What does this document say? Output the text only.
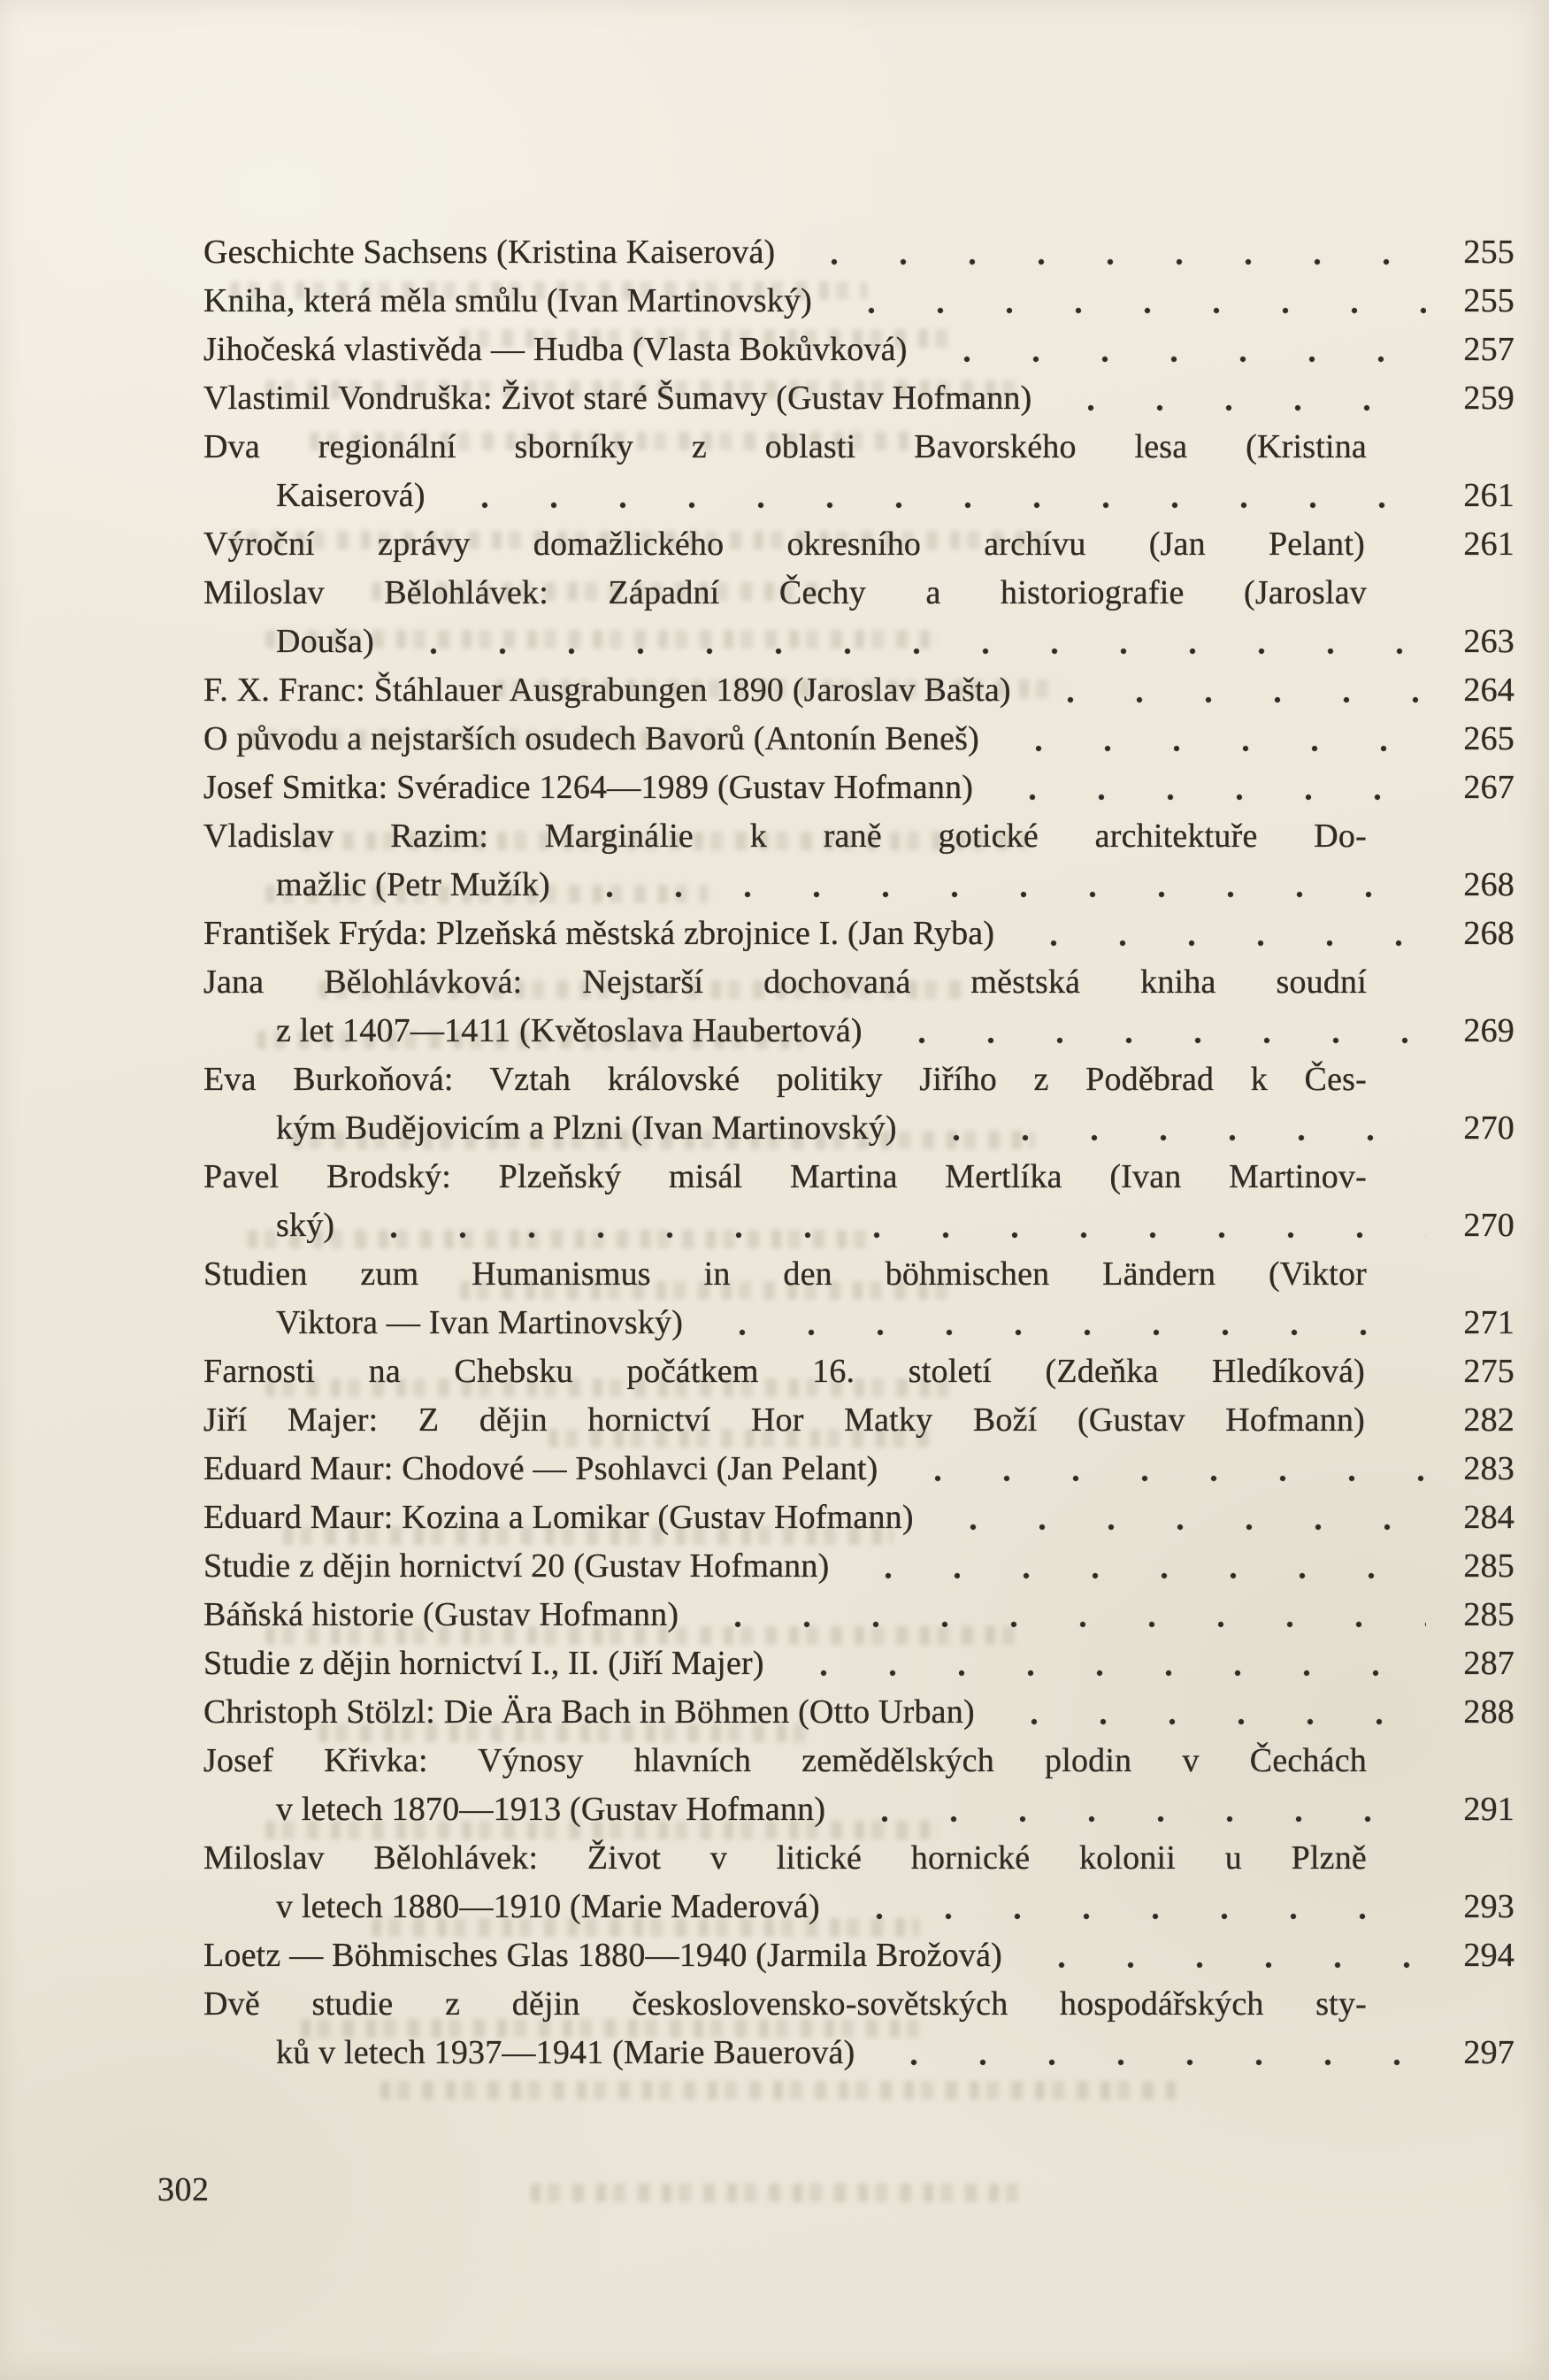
Geschichte Sachsens (Kristina Kaiserová)	255
Kniha, která měla smůlu (Ivan Martinovský)	255
Jihočeská vlastivěda — Hudba (Vlasta Bokůvková)	257
Vlastimil Vondruška: Život staré Šumavy (Gustav Hofmann)	259
Dva regionální sborníky z oblasti Bavorského lesa (Kristina
Kaiserová)	261
Výroční zprávy domažlického okresního archívu (Jan Pelant)	261
Miloslav Bělohlávek: Západní Čechy a historiografie (Jaroslav
Douša)	263
F. X. Franc: Štáhlauer Ausgrabungen 1890 (Jaroslav Bašta)	264
O původu a nejstarších osudech Bavorů (Antonín Beneš)	265
Josef Smitka: Svéradice 1264—1989 (Gustav Hofmann)	267
Vladislav Razim: Marginálie k raně gotické architektuře Do-
mažlic (Petr Mužík)	268
František Frýda: Plzeňská městská zbrojnice I. (Jan Ryba)	268
Jana Bělohlávková: Nejstarší dochovaná městská kniha soudní
z let 1407—1411 (Květoslava Haubertová)	269
Eva Burkoňová: Vztah královské politiky Jiřího z Poděbrad k Čes-
kým Budějovicím a Plzni (Ivan Martinovský)	270
Pavel Brodský: Plzeňský misál Martina Mertlíka (Ivan Martinov-
ský)	270
Studien zum Humanismus in den böhmischen Ländern (Viktor
Viktora — Ivan Martinovský)	271
Farnosti na Chebsku počátkem 16. století (Zdeňka Hledíková)	275
Jiří Majer: Z dějin hornictví Hor Matky Boží (Gustav Hofmann)	282
Eduard Maur: Chodové — Psohlavci (Jan Pelant)	283
Eduard Maur: Kozina a Lomikar (Gustav Hofmann)	284
Studie z dějin hornictví 20 (Gustav Hofmann)	285
Báňská historie (Gustav Hofmann)	285
Studie z dějin hornictví I., II. (Jiří Majer)	287
Christoph Stölzl: Die Ära Bach in Böhmen (Otto Urban)	288
Josef Křivka: Výnosy hlavních zemědělských plodin v Čechách
v letech 1870—1913 (Gustav Hofmann)	291
Miloslav Bělohlávek: Život v litické hornické kolonii u Plzně
v letech 1880—1910 (Marie Maderová)	293
Loetz — Böhmisches Glas 1880—1940 (Jarmila Brožová)	294
Dvě studie z dějin československo-sovětských hospodářských sty-
ků v letech 1937—1941 (Marie Bauerová)	297
302
